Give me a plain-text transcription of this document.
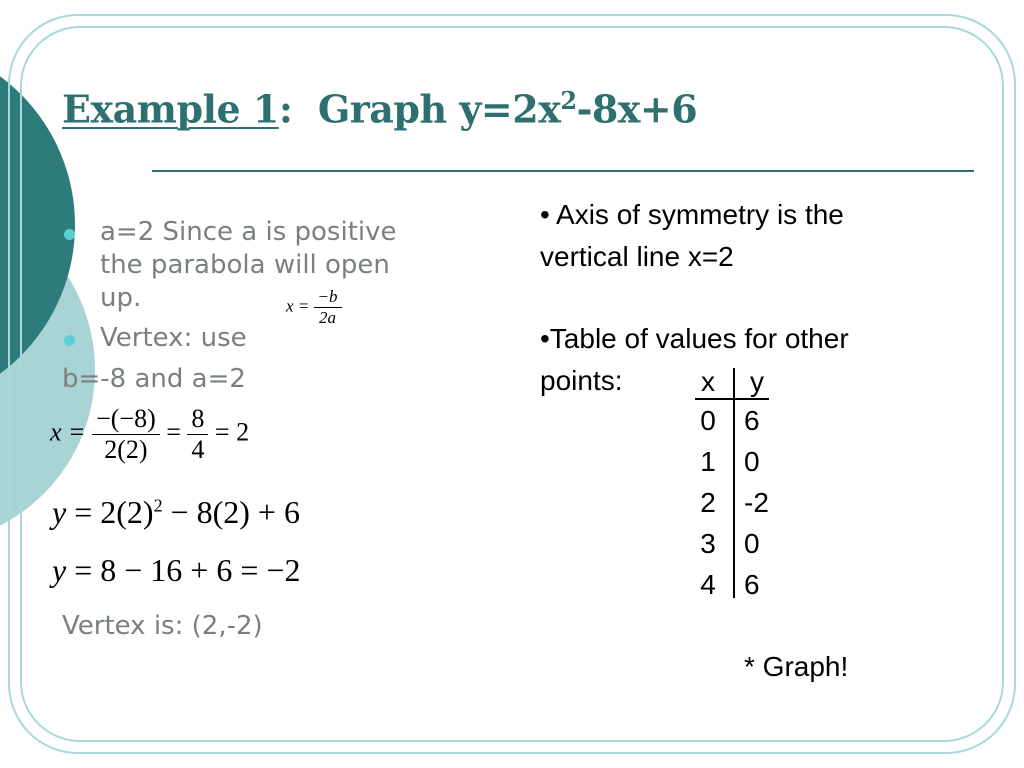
Example 1: Graph $y=2x^2-8x+6$
a=2 Since a is positive
the parabola will open
up.
Vertex: use
b=-8 and a=2
$x = \frac{-b}{2a}$
$x = \frac{-(-8)}{2(2)} = \frac{8}{4} = 2$
$y = 2(2)^2 - 8(2) + 6$
y = 8 − 16 + 6 = −2
Vertex is: (2,-2)
• Axis of symmetry is the
vertical line x=2
•Table of values for other
points:	x	y
0 6
1 0
2 -2
3 0
4 6
* Graph!
